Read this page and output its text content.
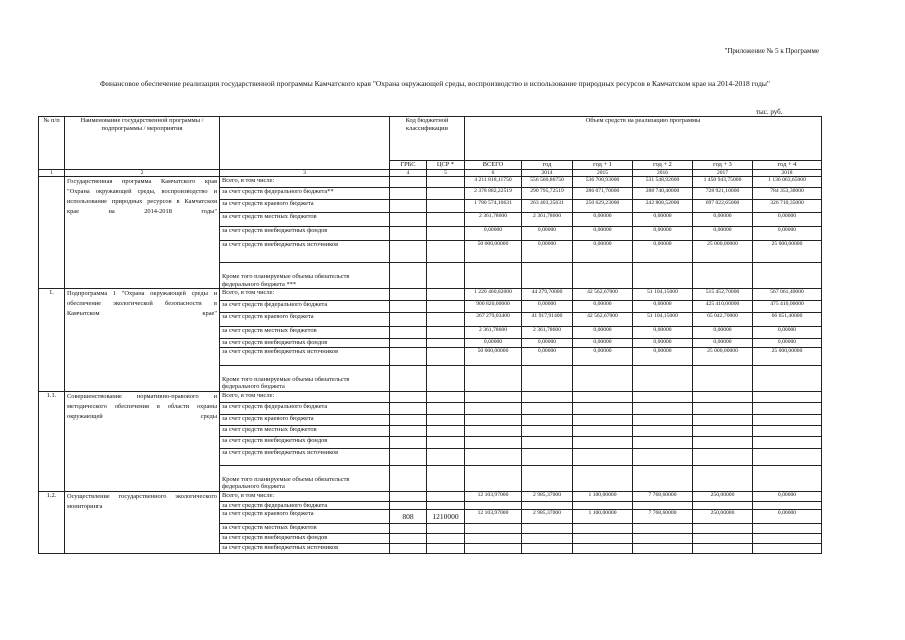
"Приложение № 5 к Программе
Финансовое обеспечение реализации государственной программы Камчатского края "Охрана окружающей среды, воспроизводство и использование природных ресурсов в Камчатском крае на 2014-2018 годы"
тыс. руб.
№ п/п	Наименование государственной программы / подпрограммы / мероприятия		Код бюджетной классификации		Объем средств на реализацию программы					
			ГРБС	ЦСР *	ВСЕГО	год	год + 1	год + 2	год + 3	год + 4
1	2	3	4	5	6	2014	2015	2016	2017	2018
	Государственная программа Камчатского края "Охрана окружающей среды, воспроизводство и использование природных ресурсов в Камчатском крае на 2014-2018 годы"	Всего, в том числе:			4 211 818,11750	556 560,86750	536 700,93000	531 548,92000	1 450 943,75000	1 136 063,65000
		за счет средств федерального бюджета**			2 378 882,22519	290 795,72519	286 071,70000	288 740,40000	728 921,10000	784 353,30000
		за счет средств краевого бюджета			1 780 574,10631	263 403,35631	250 629,23000	242 808,52000	697 022,65000	326 710,35000
		за счет средств местных бюджетов			2 361,78600	2 361,78600	0,00000	0,00000	0,00000	0,00000
		за счет средств внебюджетных фондов			0,00000	0,00000	0,00000	0,00000	0,00000	0,00000
		за счет средств внебюджетных источников			50 000,00000	0,00000	0,00000	0,00000	25 000,00000	25 000,00000
		Кроме того планируемые объемы обязательств федерального бюджета ***								
1.	Подпрограмма 1 "Охрана окружающей среды и обеспечение экологической безопасности в Камчатском крае"	Всего, в том числе:			1 220 460,82000	44 279,70000	42 562,67000	51 104,15000	515 452,70000	567 061,40000
		за счет средств федерального бюджета			900 820,00000	0,00000	0,00000	0,00000	425 410,00000	475 410,00000
		за счет средств краевого бюджета			267 279,03400	41 917,91400	42 562,67000	51 104,15000	65 042,70000	66 651,40000
		за счет средств местных бюджетов			2 361,78600	2 361,78600	0,00000	0,00000	0,00000	0,00000
		за счет средств внебюджетных фондов			0,00000	0,00000	0,00000	0,00000	0,00000	0,00000
		за счет средств внебюджетных источников			50 000,00000	0,00000	0,00000	0,00000	25 000,00000	25 000,00000
		Кроме того планируемые объемы обязательств федерального бюджета								
1.1.	Совершенствование нормативно-правового и методического обеспечения в области охраны окружающей среды	Всего, в том числе:								
		за счет средств федерального бюджета								
		за счет средств краевого бюджета								
		за счет средств местных бюджетов								
		за счет средств внебюджетных фондов								
		за счет средств внебюджетных источников								
		Кроме того планируемые объемы обязательств федерального бюджета								
1.2.	Осуществление государственного экологического мониторинга	Всего, в том числе:			12 103,97000	2 985,37000	1 100,00000	7 768,60000	250,00000	0,00000
		за счет средств федерального бюджета								
		за счет средств краевого бюджета	808	1210000	12 103,97000	2 985,37000	1 100,00000	7 768,60000	250,00000	0,00000
		за счет средств местных бюджетов								
		за счет средств внебюджетных фондов								
		за счет средств внебюджетных источников								
